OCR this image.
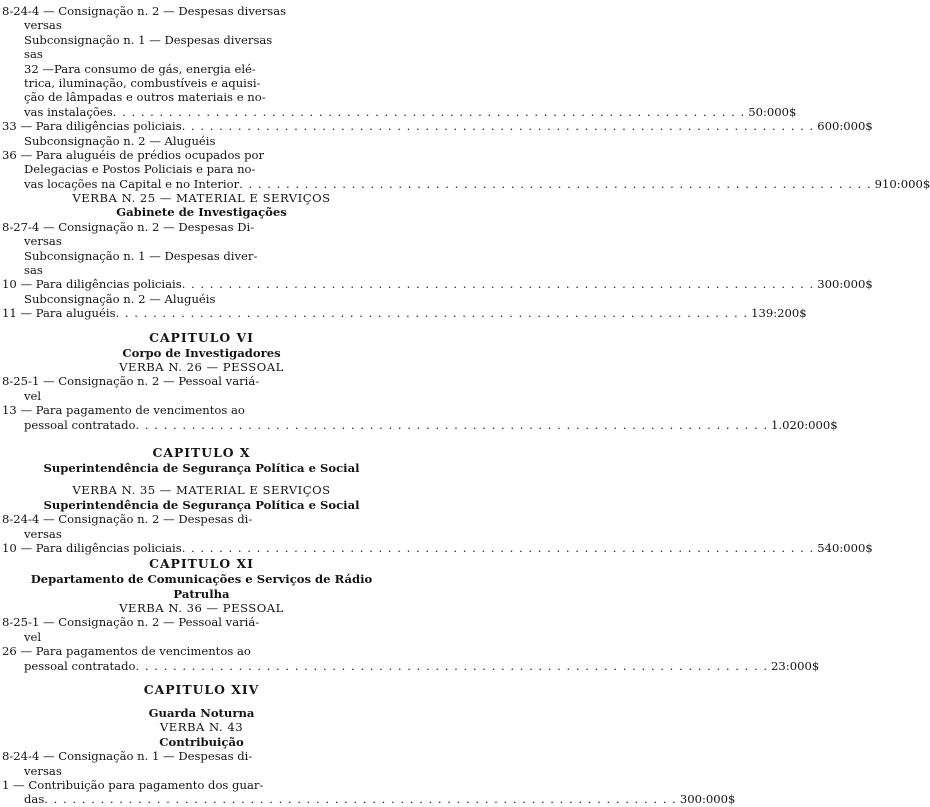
8-24-4 — Consignação n. 2 — Despesas diversas
versas
Subconsignação n. 1 — Despesas diversas
sas
32 —Para consumo de gás, energia elé-
trica, iluminação, combustíveis e aquisi-
ção de lâmpadas e outros materiais e no-
vas instalações . . .	50:000$
33 — Para diligências policiais . . .	600:000$
Subconsignação n. 2 — Aluguéis
36 — Para aluguéis de prédios ocupados por
Delegacias e Postos Policiais e para no-
vas locações na Capital e no Interior . . .	910:000$
VERBA N. 25 — MATERIAL E SERVIÇOS
Gabinete de Investigações
8-27-4 — Consignação n. 2 — Despesas Di-
versas
Subconsignação n. 1 — Despesas diver-
sas
10 — Para diligências policiais . . .	300:000$
Subconsignação n. 2 — Aluguéis
11 — Para aluguéis . . .	139:200$
CAPITULO VI
Corpo de Investigadores
VERBA N. 26 — PESSOAL
8-25-1 — Consignação n. 2 — Pessoal variá-
vel
13 — Para pagamento de vencimentos ao
pessoal contratado . . .	1.020:000$
CAPITULO X
Superintendência de Segurança Política e Social
VERBA N. 35 — MATERIAL E SERVIÇOS
Superintendência de Segurança Política e Social
8-24-4 — Consignação n. 2 — Despesas di-
versas
10 — Para diligências policiais . . .	540:000$
CAPITULO XI
Departamento de Comunicações e Serviços de Rádio
Patrulha
VERBA N. 36 — PESSOAL
8-25-1 — Consignação n. 2 — Pessoal variá-
vel
26 — Para pagamentos de vencimentos ao
pessoal contratado . . .	23:000$
CAPITULO XIV
Guarda Noturna
VERBA N. 43
Contribuição
8-24-4 — Consignação n. 1 — Despesas di-
versas
1 — Contribuição para pagamento dos guar-
das . . .	300:000$
